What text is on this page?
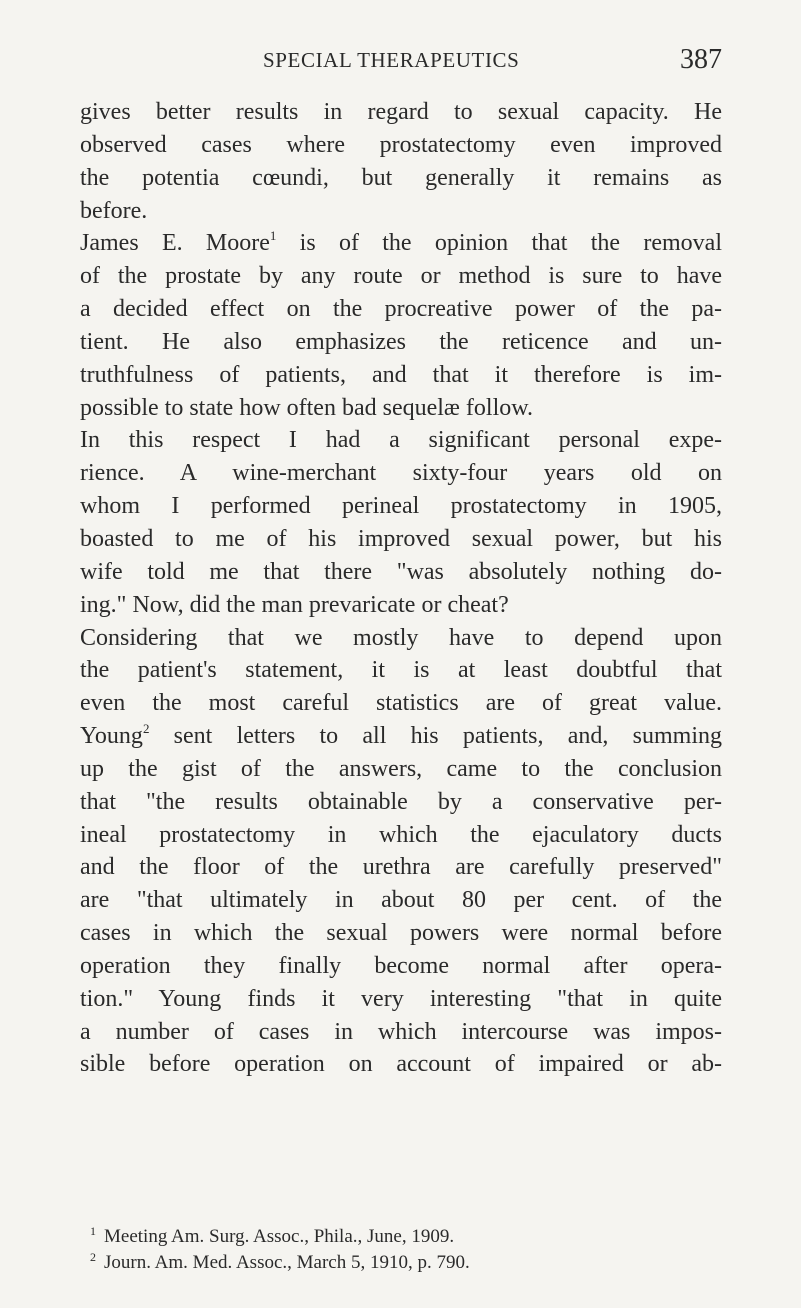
SPECIAL THERAPEUTICS	387
gives better results in regard to sexual capacity. He
observed cases where prostatectomy even improved
the potentia cœundi, but generally it remains as
before.
James E. Moore$^1$ is of the opinion that the removal
of the prostate by any route or method is sure to have
a decided effect on the procreative power of the pa-
tient. He also emphasizes the reticence and un-
truthfulness of patients, and that it therefore is im-
possible to state how often bad sequelæ follow.
In this respect I had a significant personal expe-
rience. A wine-merchant sixty-four years old on
whom I performed perineal prostatectomy in 1905,
boasted to me of his improved sexual power, but his
wife told me that there "was absolutely nothing do-
ing." Now, did the man prevaricate or cheat?
Considering that we mostly have to depend upon
the patient's statement, it is at least doubtful that
even the most careful statistics are of great value.
Young$^2$ sent letters to all his patients, and, summing
up the gist of the answers, came to the conclusion
that "the results obtainable by a conservative per-
ineal prostatectomy in which the ejaculatory ducts
and the floor of the urethra are carefully preserved"
are "that ultimately in about 80 per cent. of the
cases in which the sexual powers were normal before
operation they finally become normal after opera-
tion." Young finds it very interesting "that in quite
a number of cases in which intercourse was impos-
sible before operation on account of impaired or ab-
$^1$ Meeting Am. Surg. Assoc., Phila., June, 1909.
$^2$ Journ. Am. Med. Assoc., March 5, 1910, p. 790.
